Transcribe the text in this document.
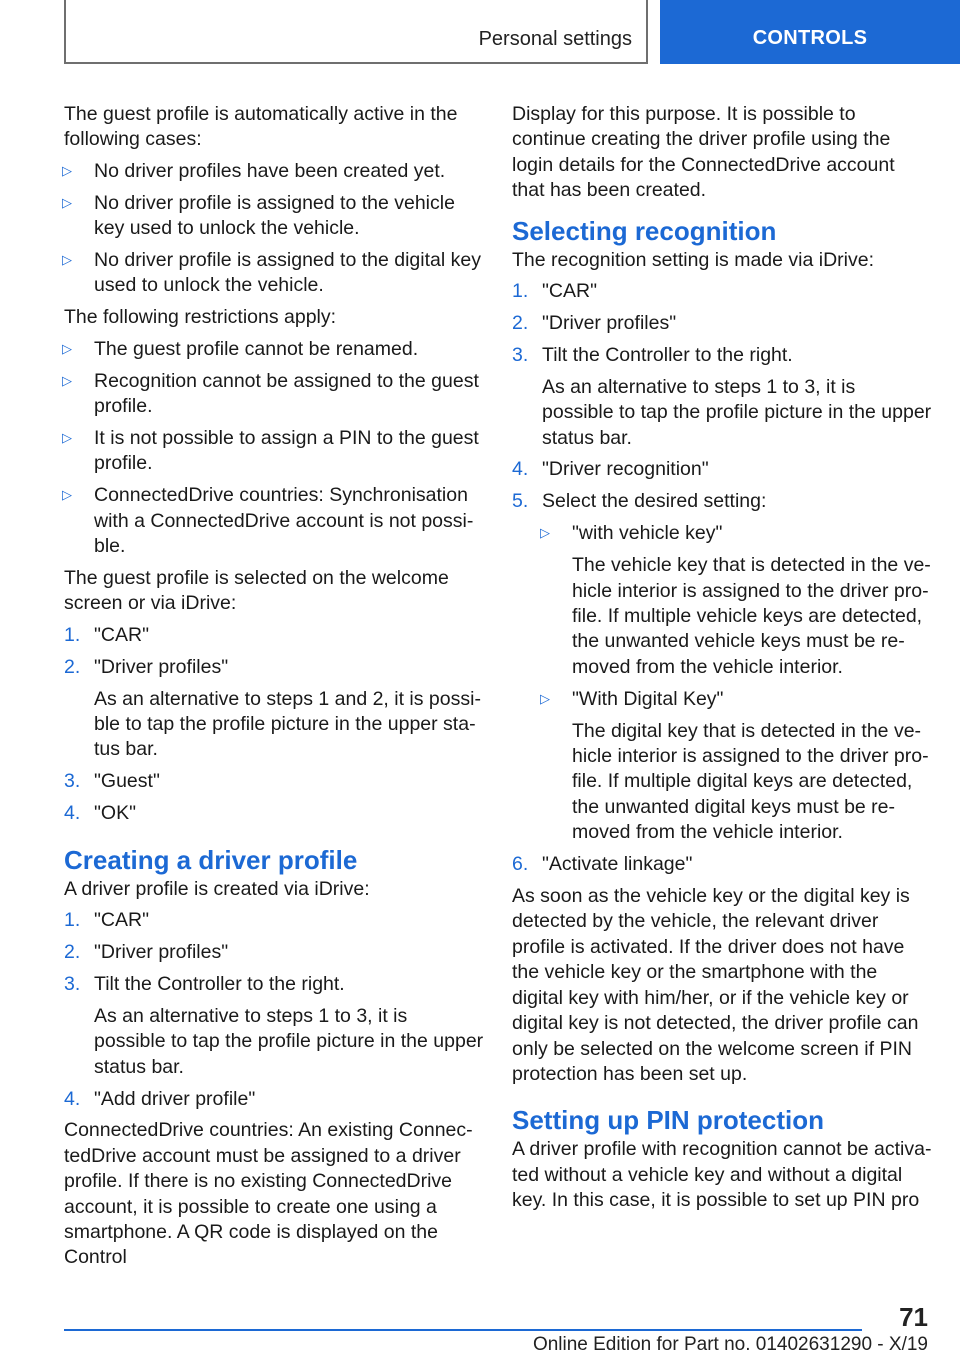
Personal settings	CONTROLS

The guest profile is automatically active in the following cases:

▷	No driver profiles have been created yet.
▷	No driver profile is assigned to the vehicle key used to unlock the vehicle.
▷	No driver profile is assigned to the digital key used to unlock the vehicle.

The following restrictions apply:

▷	The guest profile cannot be renamed.
▷	Recognition cannot be assigned to the guest profile.
▷	It is not possible to assign a PIN to the guest profile.
▷	ConnectedDrive countries: Synchronisation with a ConnectedDrive account is not possible.

The guest profile is selected on the welcome screen or via iDrive:

1. "CAR"
2. "Driver profiles"
As an alternative to steps 1 and 2, it is possible to tap the profile picture in the upper status bar.
3. "Guest"
4. "OK"
Creating a driver profile

A driver profile is created via iDrive:

1. "CAR"
2. "Driver profiles"
3. Tilt the Controller to the right.
As an alternative to steps 1 to 3, it is possible to tap the profile picture in the upper status bar.
4. "Add driver profile"

ConnectedDrive countries: An existing ConnectedDrive account must be assigned to a driver profile. If there is no existing ConnectedDrive account, it is possible to create one using a smartphone. A QR code is displayed on the Control

Display for this purpose. It is possible to continue creating the driver profile using the login details for the ConnectedDrive account that has been created.

Selecting recognition

The recognition setting is made via iDrive:

1. "CAR"
2. "Driver profiles"
3. Tilt the Controller to the right.
As an alternative to steps 1 to 3, it is possible to tap the profile picture in the upper status bar.
4. "Driver recognition"
5. Select the desired setting:
▷	"with vehicle key"
The vehicle key that is detected in the vehicle interior is assigned to the driver profile. If multiple vehicle keys are detected, the unwanted vehicle keys must be removed from the vehicle interior.
▷	"With Digital Key"
The digital key that is detected in the vehicle interior is assigned to the driver profile. If multiple digital keys are detected, the unwanted digital keys must be removed from the vehicle interior.
6. "Activate linkage"

As soon as the vehicle key or the digital key is detected by the vehicle, the relevant driver profile is activated. If the driver does not have the vehicle key or the smartphone with the digital key with him/her, or if the vehicle key or digital key is not detected, the driver profile can only be selected on the welcome screen if PIN protection has been set up.

Setting up PIN protection

A driver profile with recognition cannot be activated without a vehicle key and without a digital key. In this case, it is possible to set up PIN pro

71
Online Edition for Part no. 01402631290 - X/19
